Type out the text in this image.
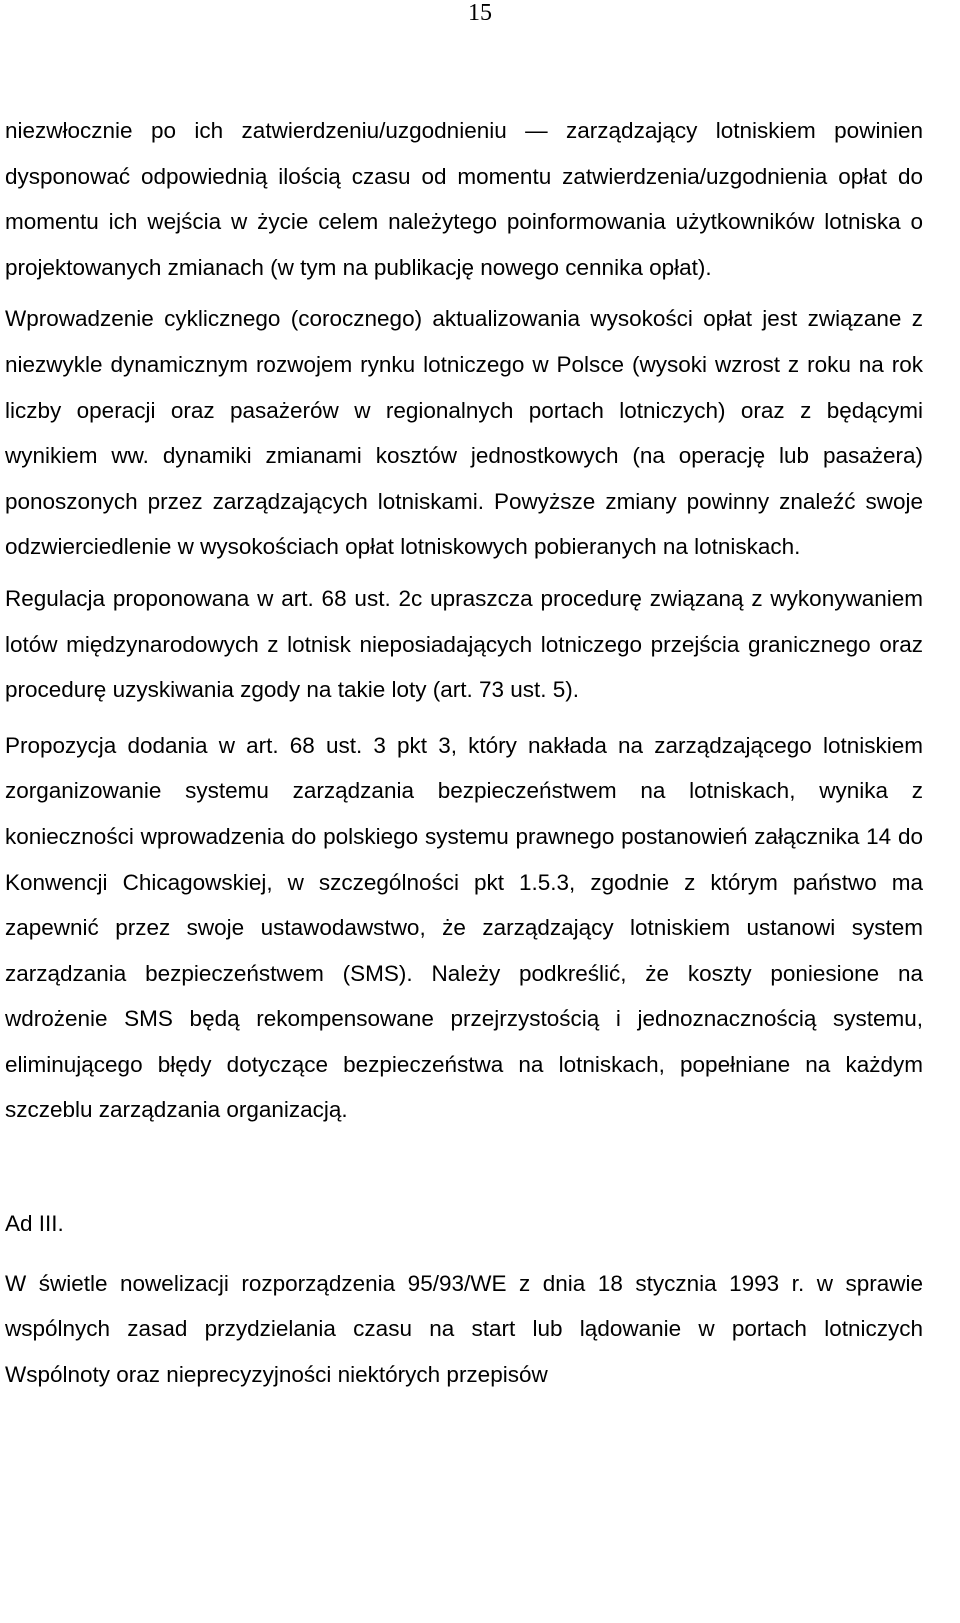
15

niezwłocznie po ich zatwierdzeniu/uzgodnieniu — zarządzający lotniskiem powinien dysponować odpowiednią ilością czasu od momentu zatwierdzenia/uzgodnienia opłat do momentu ich wejścia w życie celem należytego poinformowania użytkowników lotniska o projektowanych zmianach (w tym na publikację nowego cennika opłat).

Wprowadzenie cyklicznego (corocznego) aktualizowania wysokości opłat jest związane z niezwykle dynamicznym rozwojem rynku lotniczego w Polsce (wysoki wzrost z roku na rok liczby operacji oraz pasażerów w regionalnych portach lotniczych) oraz z będącymi wynikiem ww. dynamiki zmianami kosztów jednostkowych (na operację lub pasażera) ponoszonych przez zarządzających lotniskami. Powyższe zmiany powinny znaleźć swoje odzwierciedlenie w wysokościach opłat lotniskowych pobieranych na lotniskach.

Regulacja proponowana w art. 68 ust. 2c upraszcza procedurę związaną z wykonywaniem lotów międzynarodowych z lotnisk nieposiadających lotniczego przejścia granicznego oraz procedurę uzyskiwania zgody na takie loty (art. 73 ust. 5).

Propozycja dodania w art. 68 ust. 3 pkt 3, który nakłada na zarządzającego lotniskiem zorganizowanie systemu zarządzania bezpieczeństwem na lotniskach, wynika z konieczności wprowadzenia do polskiego systemu prawnego postanowień załącznika 14 do Konwencji Chicagowskiej, w szczególności pkt 1.5.3, zgodnie z którym państwo ma zapewnić przez swoje ustawodawstwo, że zarządzający lotniskiem ustanowi system zarządzania bezpieczeństwem (SMS). Należy podkreślić, że koszty poniesione na wdrożenie SMS będą rekompensowane przejrzystością i jednoznacznością systemu, eliminującego błędy dotyczące bezpieczeństwa na lotniskach, popełniane na każdym szczeblu zarządzania organizacją.

Ad III.

W świetle nowelizacji rozporządzenia 95/93/WE z dnia 18 stycznia 1993 r. w sprawie wspólnych zasad przydzielania czasu na start lub lądowanie w portach lotniczych Wspólnoty oraz nieprecyzyjności niektórych przepisów
